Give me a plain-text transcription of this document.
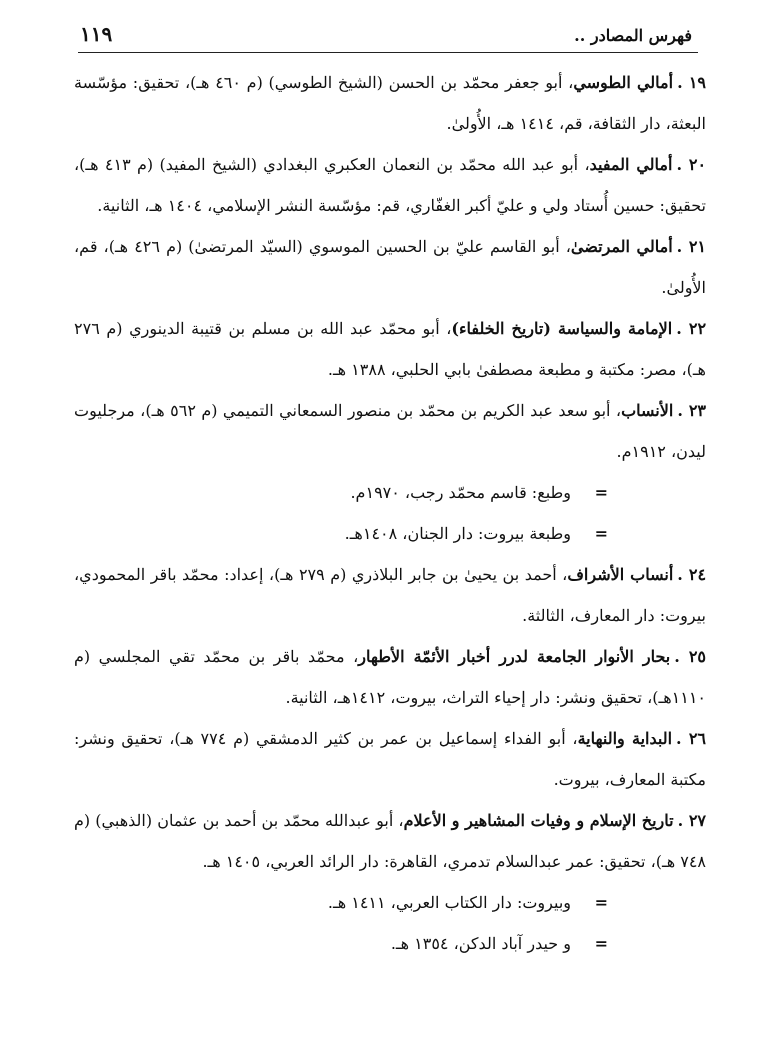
١١٩	فهرس المصادر ..

١٩ .أمالي الطوسي، أبو جعفر محمّد بن الحسن (الشيخ الطوسي) (م ٤٦٠ هـ)، تحقيق: مؤسّسة البعثة، دار الثقافة، قم، ١٤١٤ هـ، الأُولىٰ.

٢٠ .أمالي المفيد، أبو عبد الله محمّد بن النعمان العكبري البغدادي (الشيخ المفيد) (م ٤١٣ هـ)، تحقيق: حسين أُستاد ولي و عليّ أكبر الغفّاري، قم: مؤسّسة النشر الإسلامي، ١٤٠٤ هـ، الثانية.

٢١ .أمالي المرتضىٰ، أبو القاسم عليّ بن الحسين الموسوي (السيّد المرتضىٰ) (م ٤٢٦ هـ)، قم، الأُولىٰ.

٢٢ .الإمامة والسياسة (تاريخ الخلفاء)، أبو محمّد عبد الله بن مسلم بن قتيبة الدينوري (م ٢٧٦ هـ)، مصر: مكتبة و مطبعة مصطفىٰ بابي الحلبي، ١٣٨٨ هـ.

٢٣ .الأنساب، أبو سعد عبد الكريم بن محمّد بن منصور السمعاني التميمي (م ٥٦٢ هـ)، مرجليوت ليدن، ١٩١٢م.

=
وطبع: قاسم محمّد رجب، ١٩٧٠م.

=
وطبعة بيروت: دار الجنان، ١٤٠٨هـ.

٢٤ .أنساب الأشراف، أحمد بن يحيىٰ بن جابر البلاذري (م ٢٧٩ هـ)، إعداد: محمّد باقر المحمودي، بيروت: دار المعارف، الثالثة.

٢٥ .بحار الأنوار الجامعة لدرر أخبار الأئمّة الأطهار، محمّد باقر بن محمّد تقي المجلسي (م ١١١٠هـ)، تحقيق ونشر: دار إحياء التراث، بيروت، ١٤١٢هـ، الثانية.

٢٦ .البداية والنهاية، أبو الفداء إسماعيل بن عمر بن كثير الدمشقي (م ٧٧٤ هـ)، تحقيق ونشر: مكتبة المعارف، بيروت.

٢٧ .تاريخ الإسلام و وفيات المشاهير و الأعلام، أبو عبدالله محمّد بن أحمد بن عثمان (الذهبي) (م ٧٤٨ هـ)، تحقيق: عمر عبدالسلام تدمري، القاهرة: دار الرائد العربي، ١٤٠٥ هـ.

=
وبيروت: دار الكتاب العربي، ١٤١١ هـ.

=
و حيدر آباد الدكن، ١٣٥٤ هـ.
